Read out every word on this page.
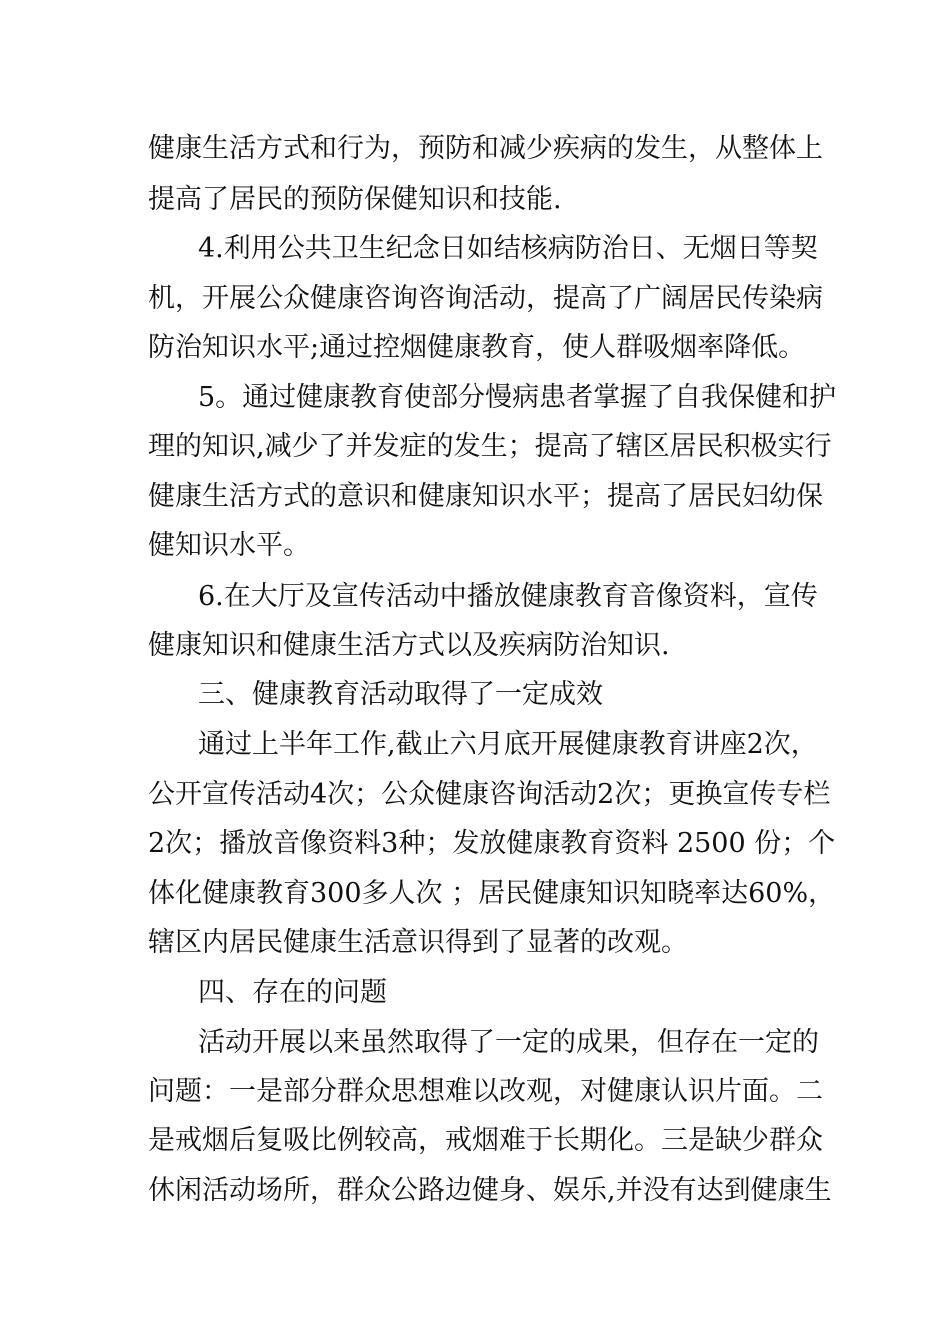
健康生活方式和行为，预防和减少疾病的发生，从整体上
提高了居民的预防保健知识和技能.
4.利用公共卫生纪念日如结核病防治日、无烟日等契
机，开展公众健康咨询咨询活动，提高了广阔居民传染病
防治知识水平;通过控烟健康教育，使人群吸烟率降低。
5。通过健康教育使部分慢病患者掌握了自我保健和护
理的知识,减少了并发症的发生；提高了辖区居民积极实行
健康生活方式的意识和健康知识水平；提高了居民妇幼保
健知识水平。
6.在大厅及宣传活动中播放健康教育音像资料，宣传
健康知识和健康生活方式以及疾病防治知识.
三、健康教育活动取得了一定成效
通过上半年工作,截止六月底开展健康教育讲座2次，
公开宣传活动4次；公众健康咨询活动2次；更换宣传专栏
2次；播放音像资料3种；发放健康教育资料 2500 份；个
体化健康教育300多人次 ；居民健康知识知晓率达60%，
辖区内居民健康生活意识得到了显著的改观。
四、存在的问题
活动开展以来虽然取得了一定的成果，但存在一定的
问题：一是部分群众思想难以改观，对健康认识片面。二
是戒烟后复吸比例较高，戒烟难于长期化。三是缺少群众
休闲活动场所，群众公路边健身、娱乐,并没有达到健康生
